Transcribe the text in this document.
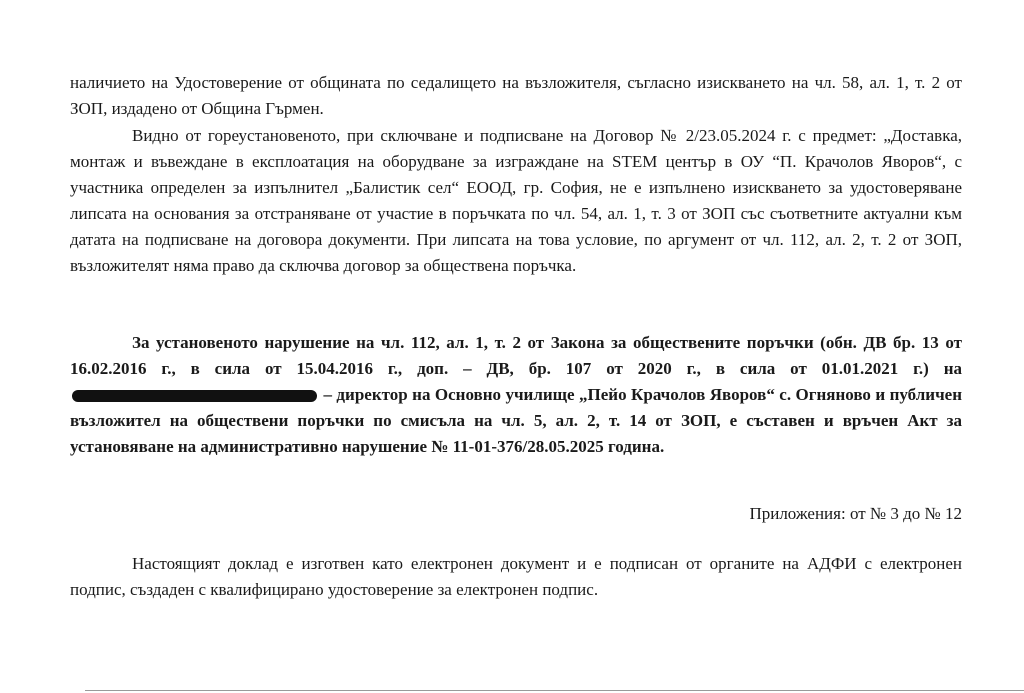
наличието на Удостоверение от общината по седалището на възложителя, съгласно изискването на чл. 58, ал. 1, т. 2 от ЗОП, издадено от Община Гърмен.
Видно от гореустановеното, при сключване и подписване на Договор № 2/23.05.2024 г. с предмет: „Доставка, монтаж и въвеждане в експлоатация на оборудване за изграждане на STEM център в ОУ “П. Крачолов Яворов“, с участника определен за изпълнител „Балистик сел“ ЕООД, гр. София, не е изпълнено изискването за удостоверяване липсата на основания за отстраняване от участие в поръчката по чл. 54, ал. 1, т. 3 от ЗОП със съответните актуални към датата на подписване на договора документи. При липсата на това условие, по аргумент от чл. 112, ал. 2, т. 2 от ЗОП, възложителят няма право да сключва договор за обществена поръчка.
За установеното нарушение на чл. 112, ал. 1, т. 2 от Закона за обществените поръчки (обн. ДВ бр. 13 от 16.02.2016 г., в сила от 15.04.2016 г., доп. – ДВ, бр. 107 от 2020 г., в сила от 01.01.2021 г.) на  – директор на Основно училище „Пейо Крачолов Яворов“ с. Огняново и публичен възложител на обществени поръчки по смисъла на чл. 5, ал. 2, т. 14 от ЗОП, е съставен и връчен Акт за установяване на административно нарушение № 11-01-376/28.05.2025 година.
Приложения: от № 3 до № 12
Настоящият доклад е изготвен като електронен документ и е подписан от органите на АДФИ с електронен подпис, създаден с квалифицирано удостоверение за електронен подпис.
